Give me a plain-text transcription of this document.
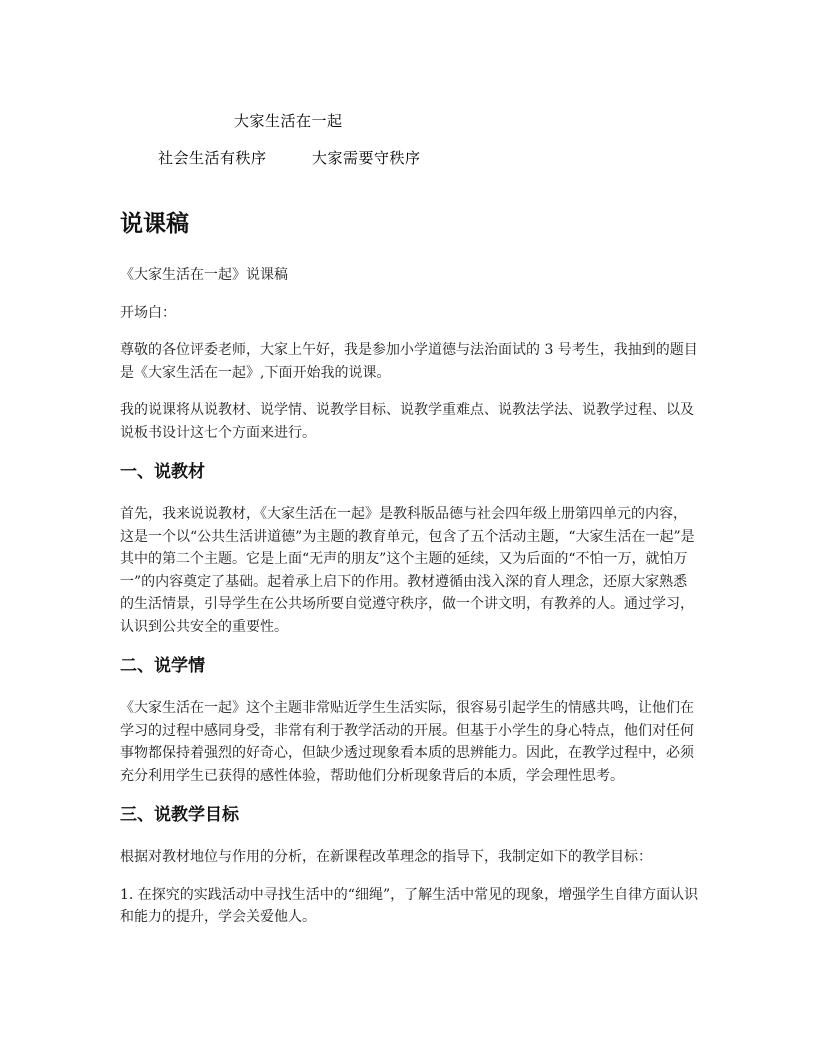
大家生活在一起
社会生活有秩序	大家需要守秩序
说课稿

《大家生活在一起》说课稿

开场白：

尊敬的各位评委老师，大家上午好，我是参加小学道德与法治面试的 3 号考生，我抽到的题目是《大家生活在一起》,下面开始我的说课。

我的说课将从说教材、说学情、说教学目标、说教学重难点、说教法学法、说教学过程、以及说板书设计这七个方面来进行。

一、说教材

首先，我来说说教材，《大家生活在一起》是教科版品德与社会四年级上册第四单元的内容，这是一个以“公共生活讲道德”为主题的教育单元，包含了五个活动主题，“大家生活在一起”是其中的第二个主题。它是上面“无声的朋友”这个主题的延续，又为后面的“不怕一万，就怕万一”的内容奠定了基础。起着承上启下的作用。教材遵循由浅入深的育人理念，还原大家熟悉的生活情景，引导学生在公共场所要自觉遵守秩序，做一个讲文明，有教养的人。通过学习，认识到公共安全的重要性。

二、说学情

《大家生活在一起》这个主题非常贴近学生生活实际，很容易引起学生的情感共鸣，让他们在学习的过程中感同身受，非常有利于教学活动的开展。但基于小学生的身心特点，他们对任何事物都保持着强烈的好奇心，但缺少透过现象看本质的思辨能力。因此，在教学过程中，必须充分利用学生已获得的感性体验，帮助他们分析现象背后的本质，学会理性思考。

三、说教学目标

根据对教材地位与作用的分析，在新课程改革理念的指导下，我制定如下的教学目标：

1. 在探究的实践活动中寻找生活中的“细绳”，了解生活中常见的现象，增强学生自律方面认识和能力的提升，学会关爱他人。
